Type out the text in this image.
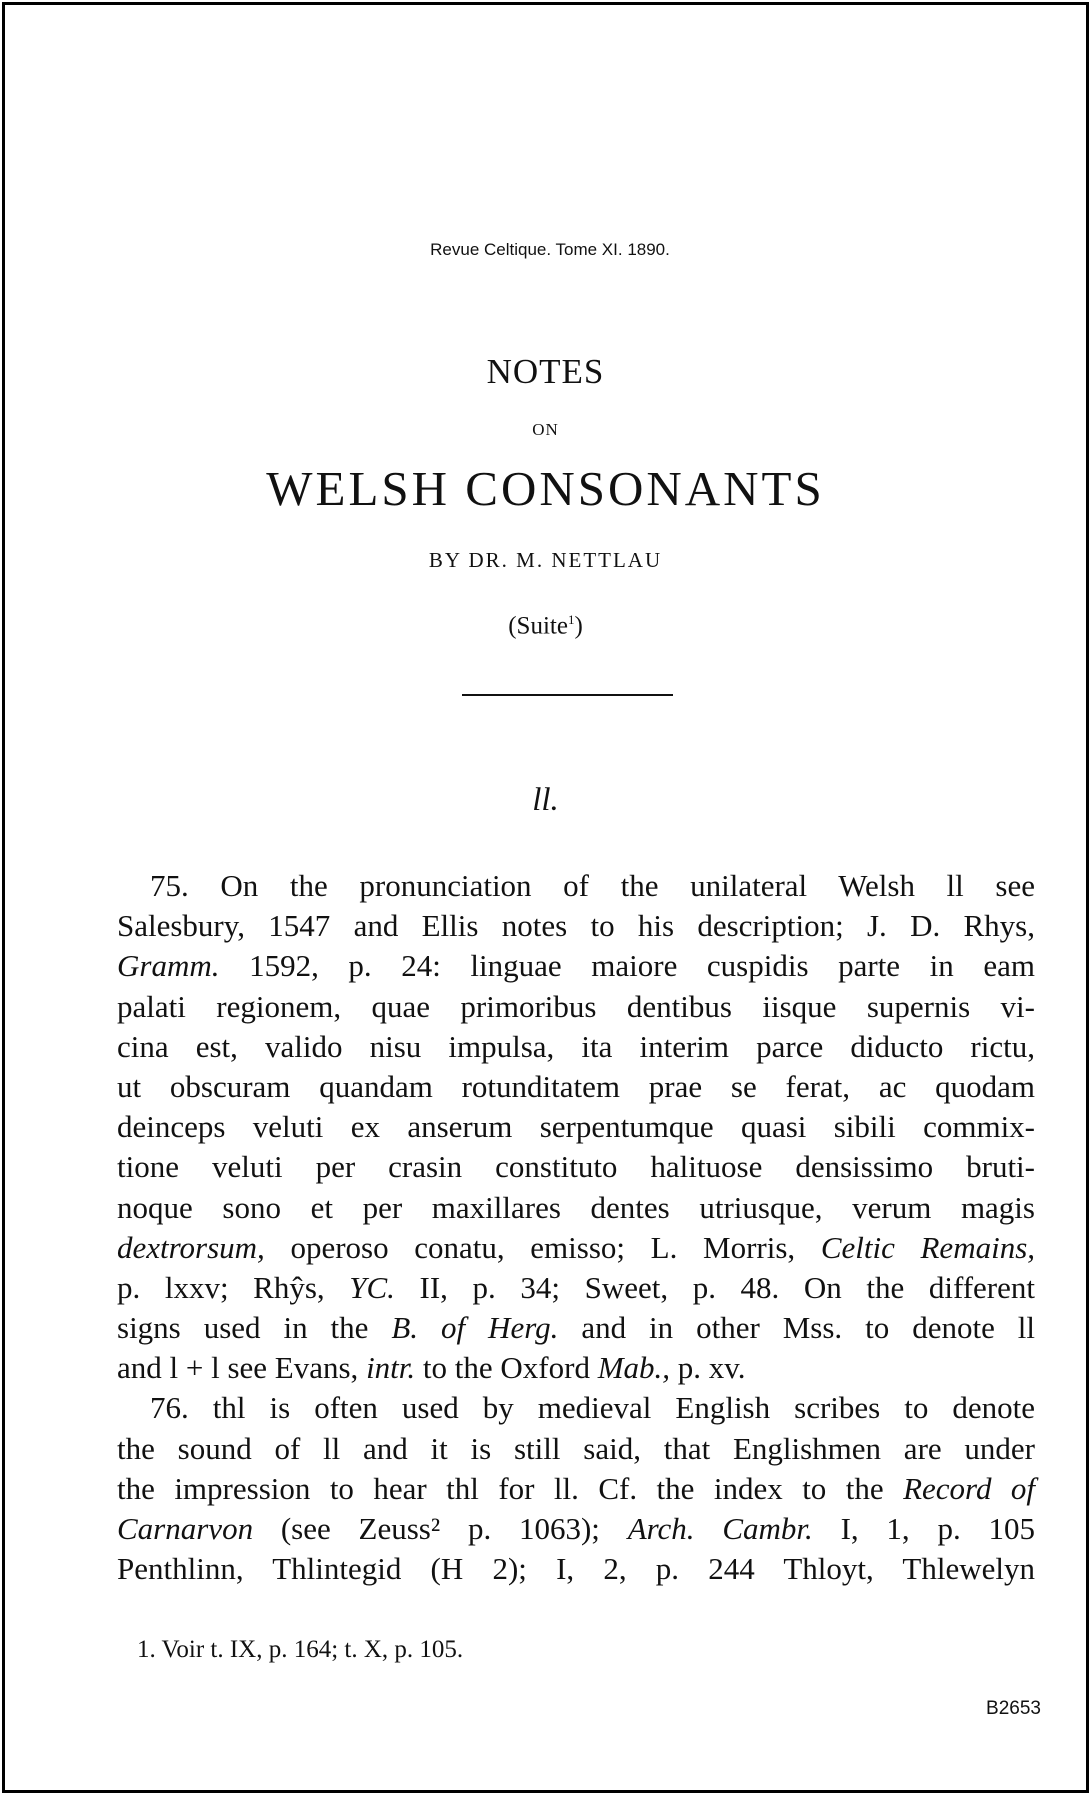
Revue Celtique. Tome XI. 1890.
NOTES
ON
WELSH CONSONANTS
BY DR. M. NETTLAU
(Suite$^1$)
ll.
75. On the pronunciation of the unilateral Welsh ll see
Salesbury, 1547 and Ellis notes to his description; J. D. Rhys,
Gramm. 1592, p. 24: linguae maiore cuspidis parte in eam
palati regionem, quae primoribus dentibus iisque supernis vi-
cina est, valido nisu impulsa, ita interim parce diducto rictu,
ut obscuram quandam rotunditatem prae se ferat, ac quodam
deinceps veluti ex anserum serpentumque quasi sibili commix-
tione veluti per crasin constituto halituose densissimo bruti-
noque sono et per maxillares dentes utriusque, verum magis
dextrorsum, operoso conatu, emisso; L. Morris, Celtic Remains,
p. lxxv; Rhŷs, YC. II, p. 34; Sweet, p. 48. On the different
signs used in the B. of Herg. and in other Mss. to denote ll
and l + l see Evans, intr. to the Oxford Mab., p. xv.
76. thl is often used by medieval English scribes to denote
the sound of ll and it is still said, that Englishmen are under
the impression to hear thl for ll. Cf. the index to the Record of
Carnarvon (see Zeuss² p. 1063); Arch. Cambr. I, 1, p. 105
Penthlinn, Thlintegid (H 2); I, 2, p. 244 Thloyt, Thlewelyn
1. Voir t. IX, p. 164; t. X, p. 105.
B2653
